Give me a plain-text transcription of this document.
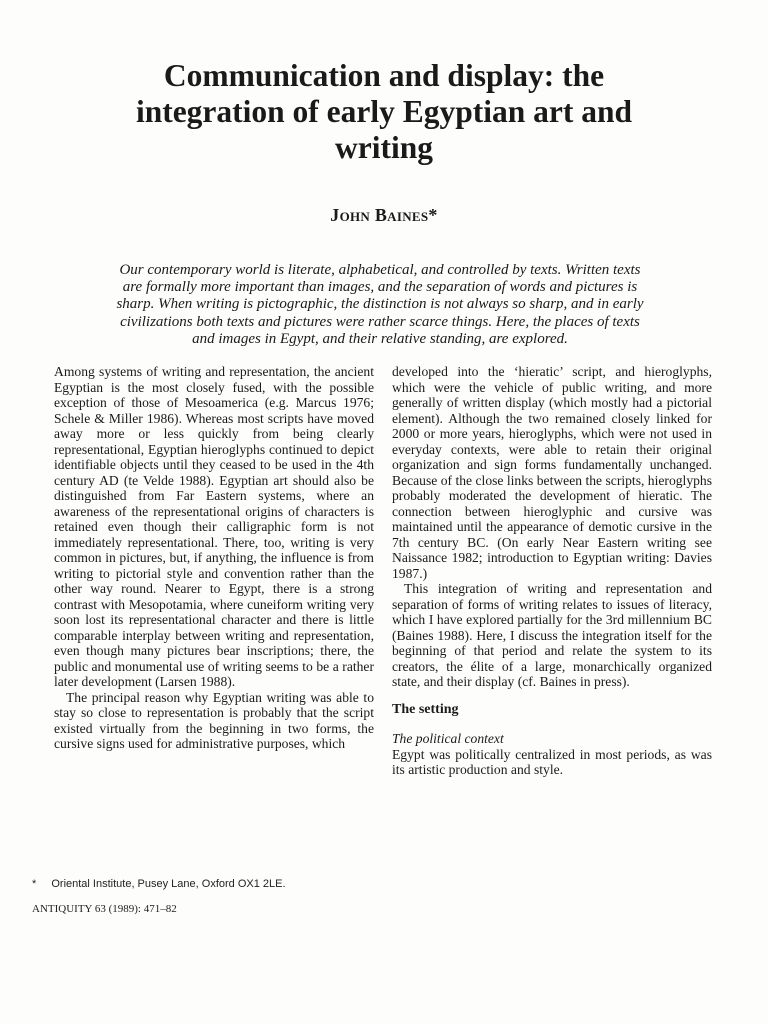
Communication and display: the
integration of early Egyptian art and
writing
John Baines*
Our contemporary world is literate, alphabetical, and controlled by texts. Written texts
are formally more important than images, and the separation of words and pictures is
sharp. When writing is pictographic, the distinction is not always so sharp, and in early
civilizations both texts and pictures were rather scarce things. Here, the places of texts
and images in Egypt, and their relative standing, are explored.

Among systems of writing and representation, the ancient Egyptian is the most closely fused, with the possible exception of those of Mesoamerica (e.g. Marcus 1976; Schele & Miller 1986). Whereas most scripts have moved away more or less quickly from being clearly representational, Egyptian hieroglyphs continued to depict identifiable objects until they ceased to be used in the 4th century AD (te Velde 1988). Egyptian art should also be distinguished from Far Eastern systems, where an awareness of the representational origins of characters is retained even though their calligraphic form is not immediately representational. There, too, writing is very common in pictures, but, if anything, the influence is from writing to pictorial style and convention rather than the other way round. Nearer to Egypt, there is a strong contrast with Mesopotamia, where cuneiform writing very soon lost its representational character and there is little comparable interplay between writing and representation, even though many pictures bear inscriptions; there, the public and monumental use of writing seems to be a rather later development (Larsen 1988).

The principal reason why Egyptian writing was able to stay so close to representation is probably that the script existed virtually from the beginning in two forms, the cursive signs used for administrative purposes, which

developed into the ‘hieratic’ script, and hieroglyphs, which were the vehicle of public writing, and more generally of written display (which mostly had a pictorial element). Although the two remained closely linked for 2000 or more years, hieroglyphs, which were not used in everyday contexts, were able to retain their original organization and sign forms fundamentally unchanged. Because of the close links between the scripts, hieroglyphs probably moderated the development of hieratic. The connection between hieroglyphic and cursive was maintained until the appearance of demotic cursive in the 7th century BC. (On early Near Eastern writing see Naissance 1982; introduction to Egyptian writing: Davies 1987.)

This integration of writing and representation and separation of forms of writing relates to issues of literacy, which I have explored partially for the 3rd millennium BC (Baines 1988). Here, I discuss the integration itself for the beginning of that period and relate the system to its creators, the élite of a large, monarchically organized state, and their display (cf. Baines in press).

The setting

The political context

Egypt was politically centralized in most periods, as was its artistic production and style.

* Oriental Institute, Pusey Lane, Oxford OX1 2LE.
ANTIQUITY 63 (1989): 471–82
